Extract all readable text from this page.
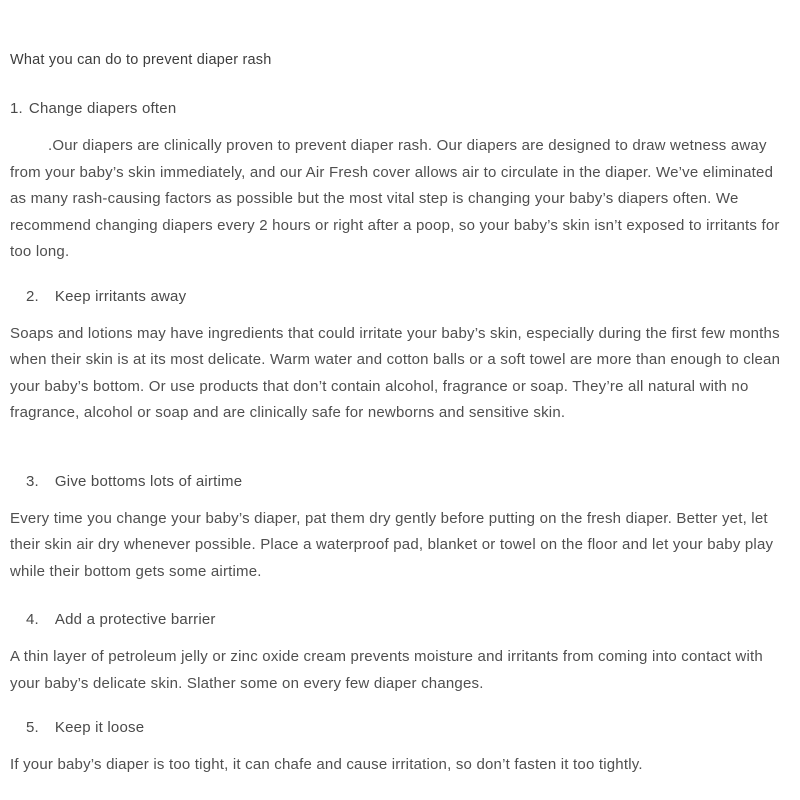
What you can do to prevent diaper rash
1. Change diapers often

.Our diapers are clinically proven to prevent diaper rash. Our diapers are designed to draw wetness away from your baby’s skin immediately, and our Air Fresh cover allows air to circulate in the diaper. We’ve eliminated as many rash-causing factors as possible but the most vital step is changing your baby’s diapers often. We recommend changing diapers every 2 hours or right after a poop, so your baby’s skin isn’t exposed to irritants for too long.

2. Keep irritants away

Soaps and lotions may have ingredients that could irritate your baby’s skin, especially during the first few months when their skin is at its most delicate. Warm water and cotton balls or a soft towel are more than enough to clean your baby’s bottom. Or use products that don’t contain alcohol, fragrance or soap. They’re all natural with no fragrance, alcohol or soap and are clinically safe for newborns and sensitive skin.

3. Give bottoms lots of airtime

Every time you change your baby’s diaper, pat them dry gently before putting on the fresh diaper. Better yet, let their skin air dry whenever possible. Place a waterproof pad, blanket or towel on the floor and let your baby play while their bottom gets some airtime.

4. Add a protective barrier

A thin layer of petroleum jelly or zinc oxide cream prevents moisture and irritants from coming into contact with your baby’s delicate skin. Slather some on every few diaper changes.

5. Keep it loose

If your baby’s diaper is too tight, it can chafe and cause irritation, so don’t fasten it too tightly.
